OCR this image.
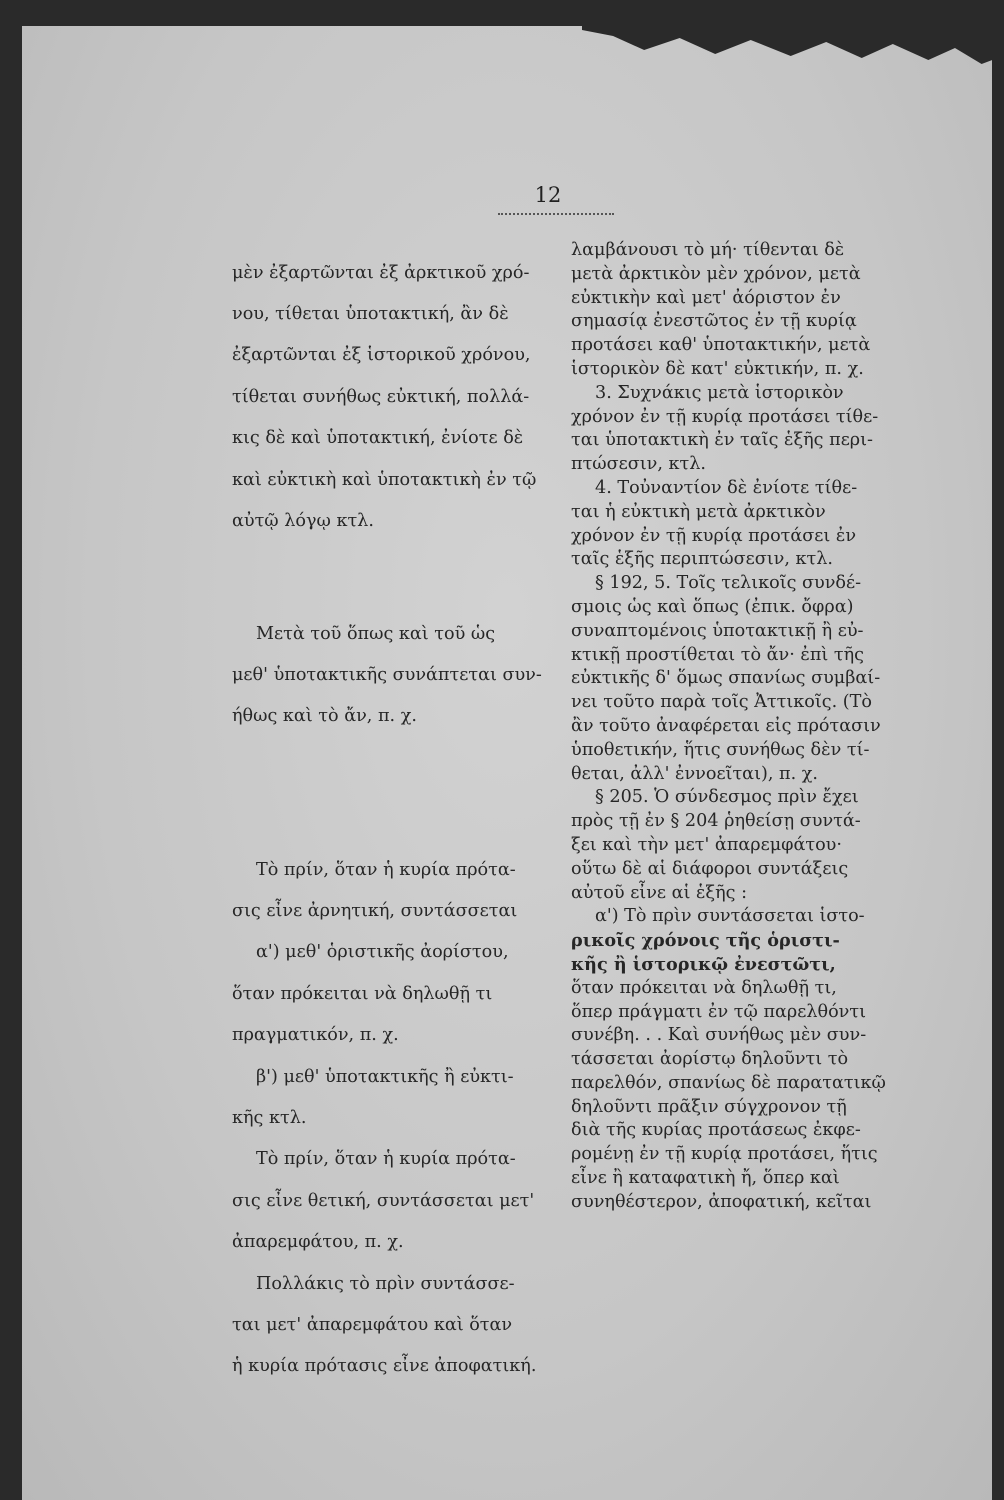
12

μὲν ἐξαρτῶνται ἐξ ἀρκτικοῦ χρό-

νου, τίθεται ὑποτακτική, ἂν δὲ

ἐξαρτῶνται ἐξ ἱστορικοῦ χρόνου,

τίθεται συνήθως εὐκτική, πολλά-

κις δὲ καὶ ὑποτακτική, ἐνίοτε δὲ

καὶ εὐκτικὴ καὶ ὑποτακτικὴ ἐν τῷ

αὐτῷ λόγῳ κτλ.

Μετὰ τοῦ ὅπως καὶ τοῦ ὡς

μεθ' ὑποτακτικῆς συνάπτεται συν-

ήθως καὶ τὸ ἄν, π. χ.

Τὸ πρίν, ὅταν ἡ κυρία πρότα-

σις εἶνε ἀρνητική, συντάσσεται

α') μεθ' ὁριστικῆς ἀορίστου,

ὅταν πρόκειται νὰ δηλωθῇ τι

πραγματικόν, π. χ.

β') μεθ' ὑποτακτικῆς ἢ εὐκτι-

κῆς κτλ.

Τὸ πρίν, ὅταν ἡ κυρία πρότα-

σις εἶνε θετική, συντάσσεται μετ'

ἀπαρεμφάτου, π. χ.

Πολλάκις τὸ πρὶν συντάσσε-

ται μετ' ἀπαρεμφάτου καὶ ὅταν

ἡ κυρία πρότασις εἶνε ἀποφατική.

λαμβάνουσι τὸ μή· τίθενται δὲ

μετὰ ἀρκτικὸν μὲν χρόνον, μετὰ

εὐκτικὴν καὶ μετ' ἀόριστον ἐν

σημασίᾳ ἐνεστῶτος ἐν τῇ κυρίᾳ

προτάσει καθ' ὑποτακτικήν, μετὰ

ἱστορικὸν δὲ κατ' εὐκτικήν, π. χ.

3. Συχνάκις μετὰ ἱστορικὸν

χρόνον ἐν τῇ κυρίᾳ προτάσει τίθε-

ται ὑποτακτικὴ ἐν ταῖς ἑξῆς περι-

πτώσεσιν, κτλ.

4. Τοὐναντίον δὲ ἐνίοτε τίθε-

ται ἡ εὐκτικὴ μετὰ ἀρκτικὸν

χρόνον ἐν τῇ κυρίᾳ προτάσει ἐν

ταῖς ἑξῆς περιπτώσεσιν, κτλ.

§ 192, 5. Τοῖς τελικοῖς συνδέ-

σμοις ὡς καὶ ὅπως (ἐπικ. ὄφρα)

συναπτομένοις ὑποτακτικῇ ἢ εὐ-

κτικῇ προστίθεται τὸ ἄν· ἐπὶ τῆς

εὐκτικῆς δ' ὅμως σπανίως συμβαί-

νει τοῦτο παρὰ τοῖς Ἀττικοῖς. (Τὸ

ἂν τοῦτο ἀναφέρεται εἰς πρότασιν

ὑποθετικήν, ἥτις συνήθως δὲν τί-

θεται, ἀλλ' ἐννοεῖται), π. χ.

§ 205. Ὁ σύνδεσμος πρὶν ἔχει

πρὸς τῇ ἐν § 204 ῥηθείσῃ συντά-

ξει καὶ τὴν μετ' ἀπαρεμφάτου·

οὕτω δὲ αἱ διάφοροι συντάξεις

αὐτοῦ εἶνε αἱ ἑξῆς :

α') Τὸ πρὶν συντάσσεται ἱστο-

ρικοῖς χρόνοις τῆς ὁριστι-

κῆς ἢ ἱστορικῷ ἐνεστῶτι,

ὅταν πρόκειται νὰ δηλωθῇ τι,

ὅπερ πράγματι ἐν τῷ παρελθόντι

συνέβη. . . Καὶ συνήθως μὲν συν-

τάσσεται ἀορίστῳ δηλοῦντι τὸ

παρελθόν, σπανίως δὲ παρατατικῷ

δηλοῦντι πρᾶξιν σύγχρονον τῇ

διὰ τῆς κυρίας προτάσεως ἐκφε-

ρομένῃ ἐν τῇ κυρίᾳ προτάσει, ἥτις

εἶνε ἢ καταφατικὴ ἤ, ὅπερ καὶ

συνηθέστερον, ἀποφατική, κεῖται
